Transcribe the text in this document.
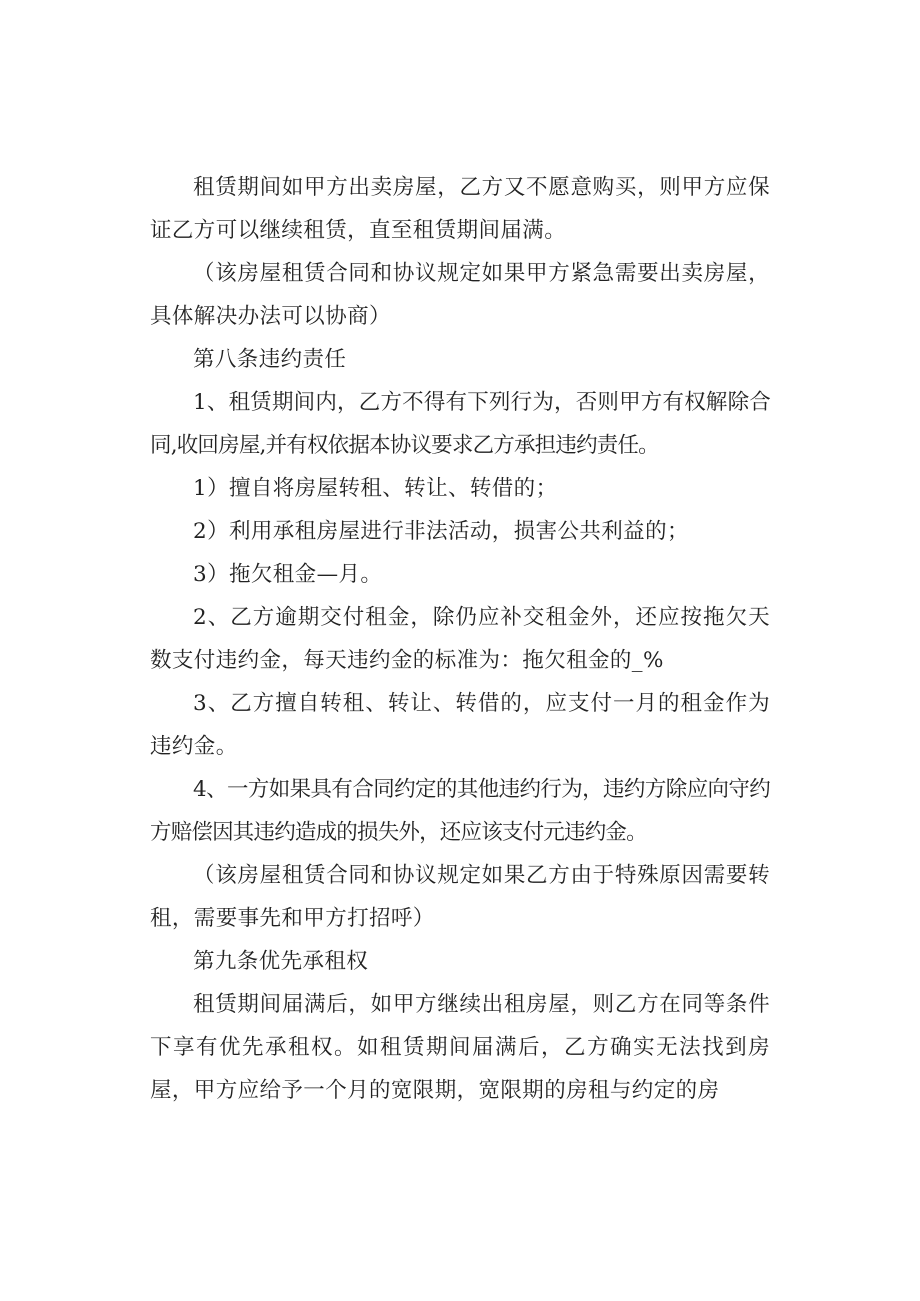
租赁期间如甲方出卖房屋，乙方又不愿意购买，则甲方应保证乙方可以继续租赁，直至租赁期间届满。

（该房屋租赁合同和协议规定如果甲方紧急需要出卖房屋，具体解决办法可以协商）

第八条违约责任

1、租赁期间内，乙方不得有下列行为，否则甲方有权解除合同,收回房屋,并有权依据本协议要求乙方承担违约责任。

1）擅自将房屋转租、转让、转借的；

2）利用承租房屋进行非法活动，损害公共利益的；

3）拖欠租金—月。

2、乙方逾期交付租金，除仍应补交租金外，还应按拖欠天数支付违约金，每天违约金的标准为：拖欠租金的_%

3、乙方擅自转租、转让、转借的，应支付一月的租金作为违约金。

4、一方如果具有合同约定的其他违约行为，违约方除应向守约方赔偿因其违约造成的损失外，还应该支付元违约金。

（该房屋租赁合同和协议规定如果乙方由于特殊原因需要转租，需要事先和甲方打招呼）

第九条优先承租权

租赁期间届满后，如甲方继续出租房屋，则乙方在同等条件下享有优先承租权。如租赁期间届满后，乙方确实无法找到房屋，甲方应给予一个月的宽限期，宽限期的房租与约定的房
